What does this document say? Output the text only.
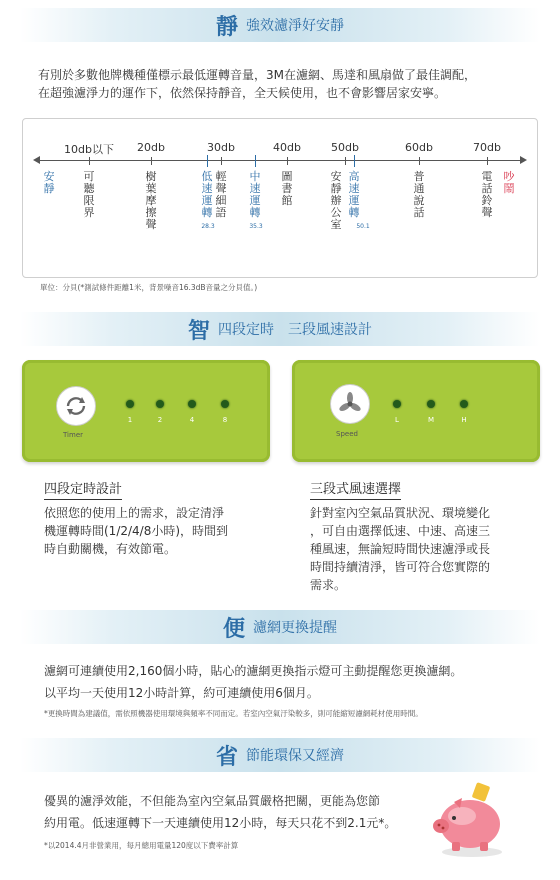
靜 強效濾淨好安靜
有別於多數他牌機種僅標示最低運轉音量，3M在濾網、馬達和風扇做了最佳調配，
在超強濾淨力的運作下，依然保持靜音，全天候使用，也不會影響居家安寧。
10db以下 20db	30db	40db	50db	60db	70db
安靜
可聽限界
樹葉摩擦聲
低速運轉
輕聲細語
中速運轉
圖書館
安靜辦公室
高速運轉
普通說話
電話鈴聲
吵鬧
28.3	35.3	50.1
單位：分貝(*測試條件距離1米，背景噪音16.3dB音量之分貝值。)
智 四段定時　三段風速設計
Timer
1	2	4	8
Speed
L	M	H
四段定時設計
依照您的使用上的需求，設定清淨
機運轉時間(1/2/4/8小時)，時間到
時自動關機，有效節電。
三段式風速選擇
針對室內空氣品質狀況、環境變化
，可自由選擇低速、中速、高速三
種風速，無論短時間快速濾淨或長
時間持續清淨，皆可符合您實際的
需求。
便 濾網更換提醒
濾網可連續使用2,160個小時，貼心的濾網更換指示燈可主動提醒您更換濾網。
以平均一天使用12小時計算，約可連續使用6個月。
*更換時間為建議值，需依照機器使用環境與頻率不同而定。若室內空氣汙染較多，則可能縮短濾網耗材使用時間。
省 節能環保又經濟
優異的濾淨效能，不但能為室內空氣品質嚴格把關，更能為您節
約用電。低速運轉下一天連續使用12小時，每天只花不到2.1元*。
*以2014.4月非營業用，每月總用電量120度以下費率計算
